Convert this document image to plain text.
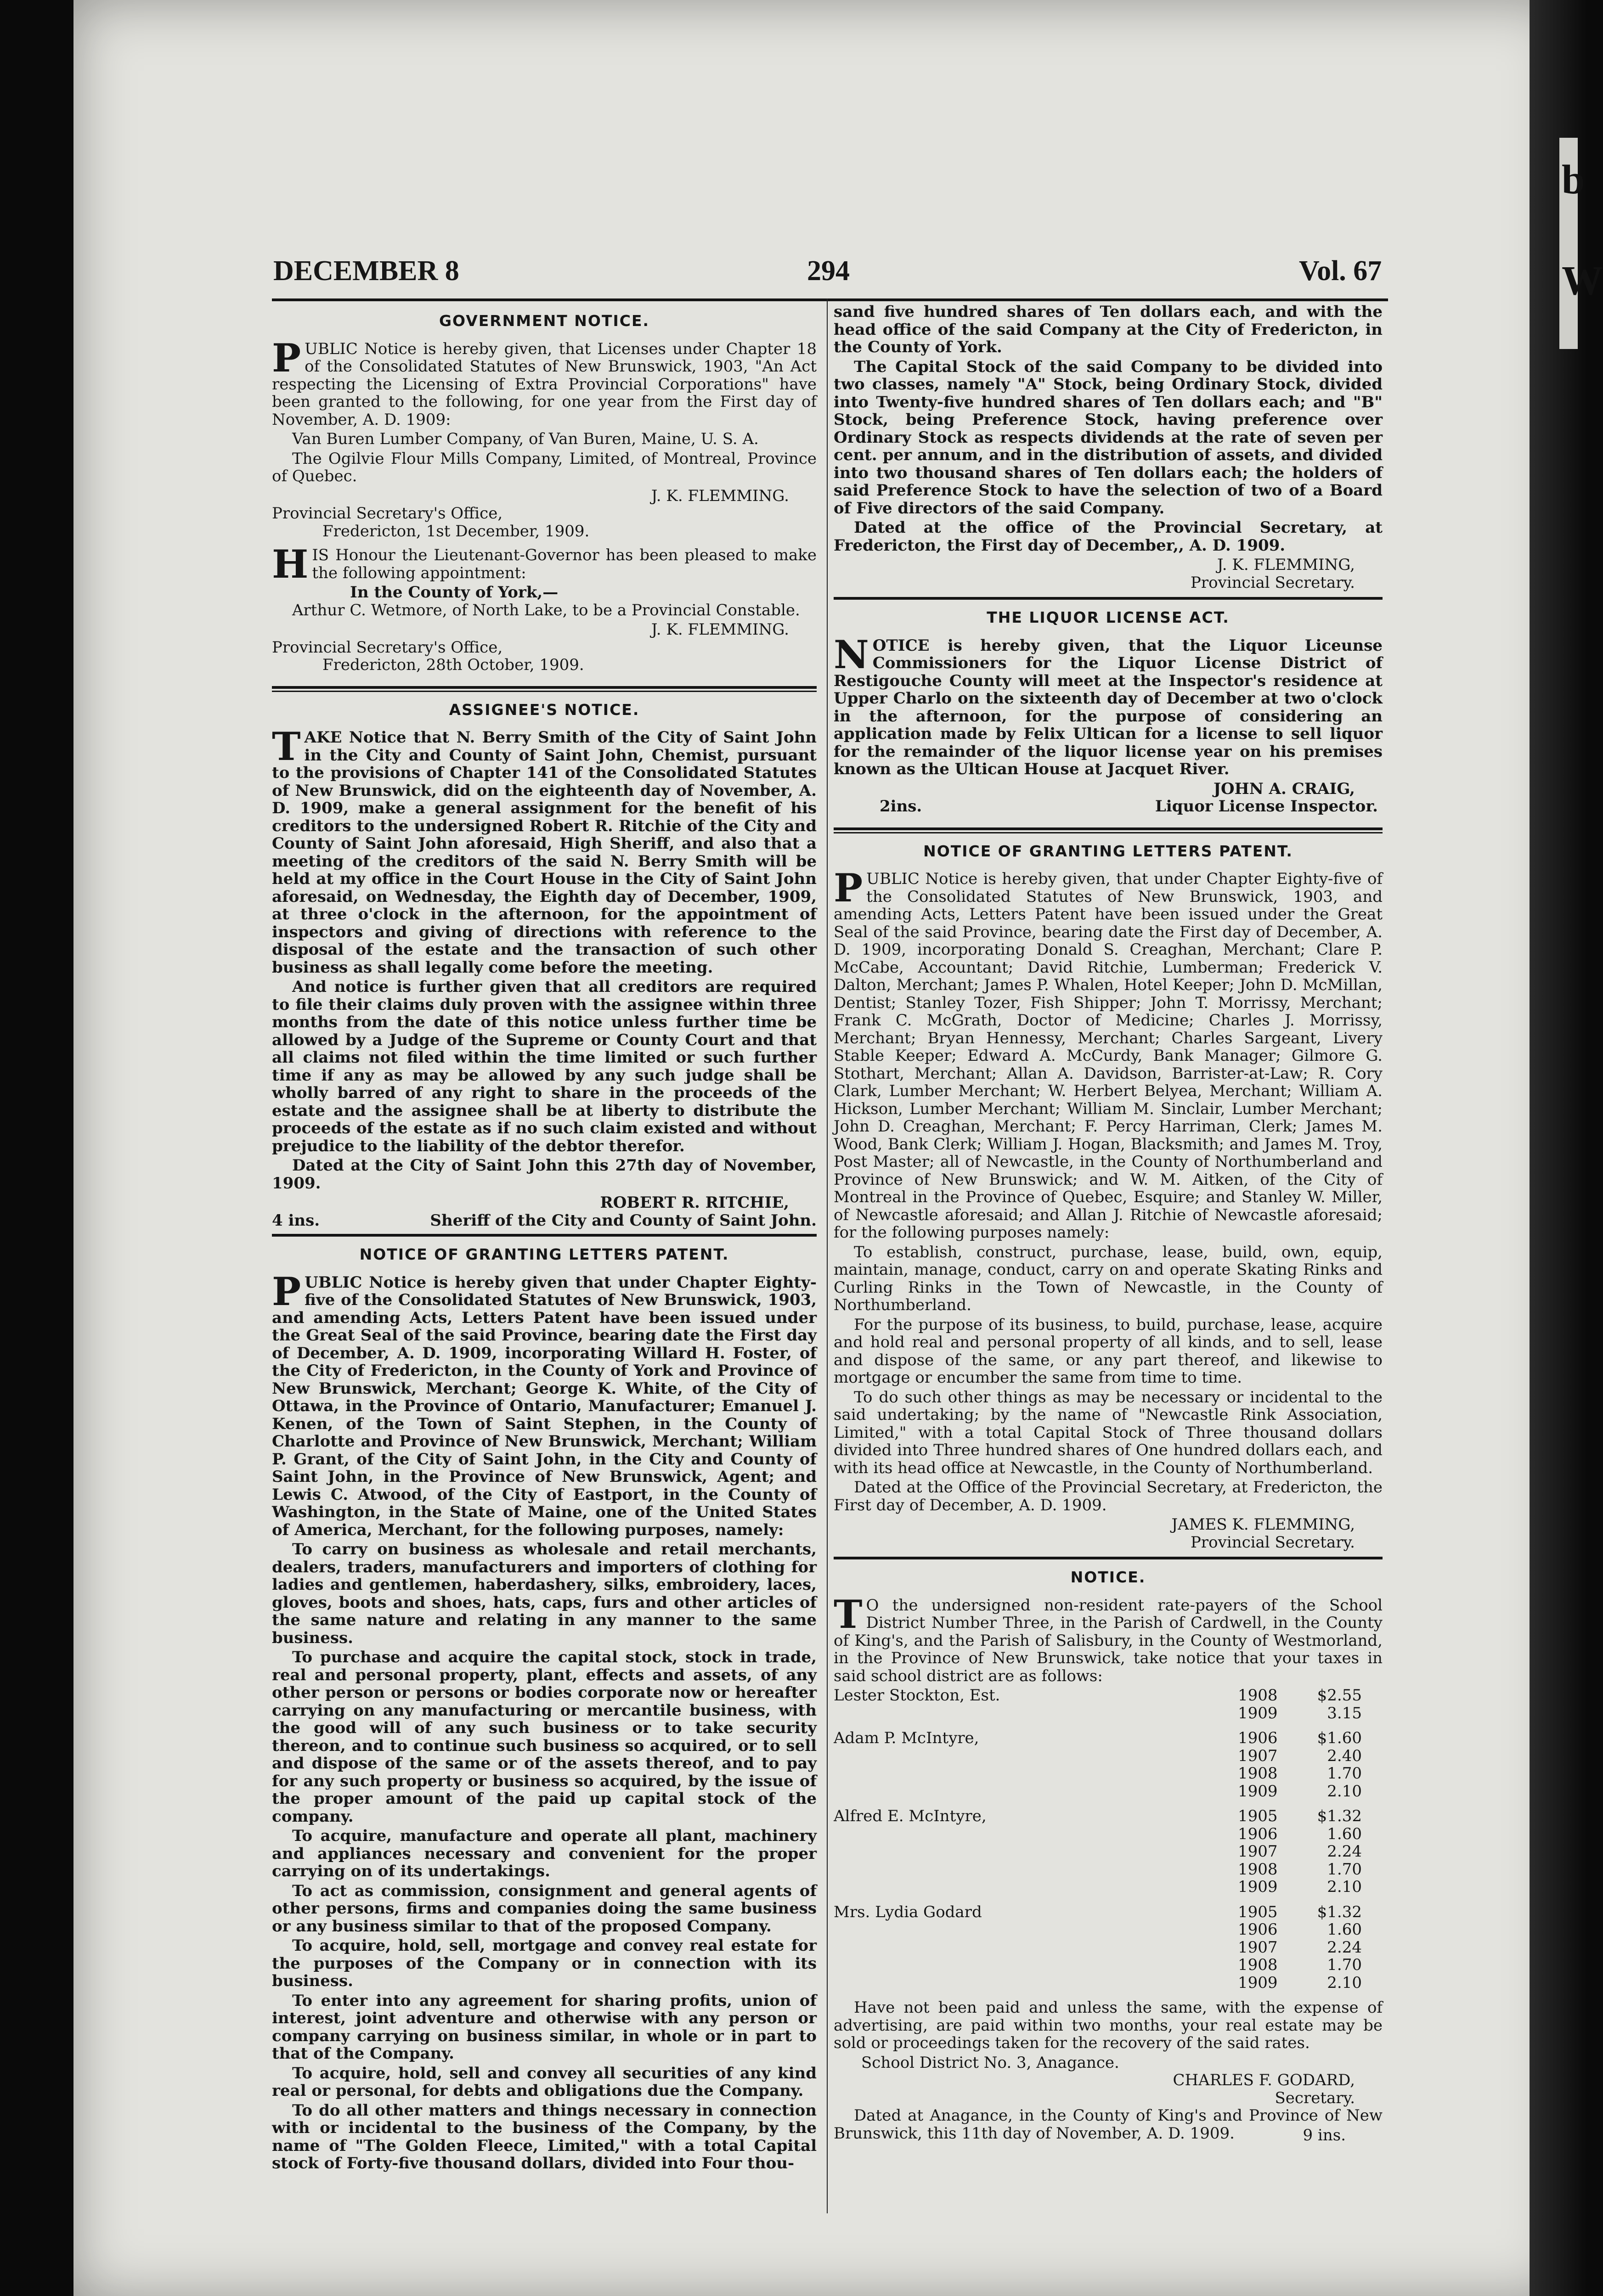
b
W
DECEMBER 8	294	Vol. 67
GOVERNMENT NOTICE.

PUBLIC Notice is hereby given, that Licenses under Chapter 18 of the Consolidated Statutes of New Brunswick, 1903, "An Act respecting the Licensing of Extra Provincial Corporations" have been granted to the following, for one year from the First day of November, A. D. 1909:

Van Buren Lumber Company, of Van Buren, Maine, U. S. A.

The Ogilvie Flour Mills Company, Limited, of Montreal, Province of Quebec.

J. K. FLEMMING.
Provincial Secretary's Office,
Fredericton, 1st December, 1909.

HIS Honour the Lieutenant-Governor has been pleased to make the following appointment:

In the County of York,—

Arthur C. Wetmore, of North Lake, to be a Provincial Constable.

J. K. FLEMMING.
Provincial Secretary's Office,
Fredericton, 28th October, 1909.
ASSIGNEE'S NOTICE.

TAKE Notice that N. Berry Smith of the City of Saint John in the City and County of Saint John, Chemist, pursuant to the provisions of Chapter 141 of the Consolidated Statutes of New Brunswick, did on the eighteenth day of November, A. D. 1909, make a general assignment for the benefit of his creditors to the undersigned Robert R. Ritchie of the City and County of Saint John aforesaid, High Sheriff, and also that a meeting of the creditors of the said N. Berry Smith will be held at my office in the Court House in the City of Saint John aforesaid, on Wednesday, the Eighth day of December, 1909, at three o'clock in the afternoon, for the appointment of inspectors and giving of directions with reference to the disposal of the estate and the transaction of such other business as shall legally come before the meeting.

And notice is further given that all creditors are required to file their claims duly proven with the assignee within three months from the date of this notice unless further time be allowed by a Judge of the Supreme or County Court and that all claims not filed within the time limited or such further time if any as may be allowed by any such judge shall be wholly barred of any right to share in the proceeds of the estate and the assignee shall be at liberty to distribute the proceeds of the estate as if no such claim existed and without prejudice to the liability of the debtor therefor.

Dated at the City of Saint John this 27th day of November, 1909.

ROBERT R. RITCHIE,
4 ins.	Sheriff of the City and County of Saint John.
NOTICE OF GRANTING LETTERS PATENT.

PUBLIC Notice is hereby given that under Chapter Eighty-five of the Consolidated Statutes of New Brunswick, 1903, and amending Acts, Letters Patent have been issued under the Great Seal of the said Province, bearing date the First day of December, A. D. 1909, incorporating Willard H. Foster, of the City of Fredericton, in the County of York and Province of New Brunswick, Merchant; George K. White, of the City of Ottawa, in the Province of Ontario, Manufacturer; Emanuel J. Kenen, of the Town of Saint Stephen, in the County of Charlotte and Province of New Brunswick, Merchant; William P. Grant, of the City of Saint John, in the City and County of Saint John, in the Province of New Brunswick, Agent; and Lewis C. Atwood, of the City of Eastport, in the County of Washington, in the State of Maine, one of the United States of America, Merchant, for the following purposes, namely:

To carry on business as wholesale and retail merchants, dealers, traders, manufacturers and importers of clothing for ladies and gentlemen, haberdashery, silks, embroidery, laces, gloves, boots and shoes, hats, caps, furs and other articles of the same nature and relating in any manner to the same business.

To purchase and acquire the capital stock, stock in trade, real and personal property, plant, effects and assets, of any other person or persons or bodies corporate now or hereafter carrying on any manufacturing or mercantile business, with the good will of any such business or to take security thereon, and to continue such business so acquired, or to sell and dispose of the same or of the assets thereof, and to pay for any such property or business so acquired, by the issue of the proper amount of the paid up capital stock of the company.

To acquire, manufacture and operate all plant, machinery and appliances necessary and convenient for the proper carrying on of its undertakings.

To act as commission, consignment and general agents of other persons, firms and companies doing the same business or any business similar to that of the proposed Company.

To acquire, hold, sell, mortgage and convey real estate for the purposes of the Company or in connection with its business.

To enter into any agreement for sharing profits, union of interest, joint adventure and otherwise with any person or company carrying on business similar, in whole or in part to that of the Company.

To acquire, hold, sell and convey all securities of any kind real or personal, for debts and obligations due the Company.

To do all other matters and things necessary in connection with or incidental to the business of the Company, by the name of "The Golden Fleece, Limited," with a total Capital stock of Forty-five thousand dollars, divided into Four thou-

sand five hundred shares of Ten dollars each, and with the head office of the said Company at the City of Fredericton, in the County of York.

The Capital Stock of the said Company to be divided into two classes, namely "A" Stock, being Ordinary Stock, divided into Twenty-five hundred shares of Ten dollars each; and "B" Stock, being Preference Stock, having preference over Ordinary Stock as respects dividends at the rate of seven per cent. per annum, and in the distribution of assets, and divided into two thousand shares of Ten dollars each; the holders of said Preference Stock to have the selection of two of a Board of Five directors of the said Company.

Dated at the office of the Provincial Secretary, at Fredericton, the First day of December,, A. D. 1909.

J. K. FLEMMING,
Provincial Secretary.
THE LIQUOR LICENSE ACT.

NOTICE is hereby given, that the Liquor Liceunse Commissioners for the Liquor License District of Restigouche County will meet at the Inspector's residence at Upper Charlo on the sixteenth day of December at two o'clock in the afternoon, for the purpose of considering an application made by Felix Ultican for a license to sell liquor for the remainder of the liquor license year on his premises known as the Ultican House at Jacquet River.

JOHN A. CRAIG,
2ins.	Liquor License Inspector.
NOTICE OF GRANTING LETTERS PATENT.

PUBLIC Notice is hereby given, that under Chapter Eighty-five of the Consolidated Statutes of New Brunswick, 1903, and amending Acts, Letters Patent have been issued under the Great Seal of the said Province, bearing date the First day of December, A. D. 1909, incorporating Donald S. Creaghan, Merchant; Clare P. McCabe, Accountant; David Ritchie, Lumberman; Frederick V. Dalton, Merchant; James P. Whalen, Hotel Keeper; John D. McMillan, Dentist; Stanley Tozer, Fish Shipper; John T. Morrissy, Merchant; Frank C. McGrath, Doctor of Medicine; Charles J. Morrissy, Merchant; Bryan Hennessy, Merchant; Charles Sargeant, Livery Stable Keeper; Edward A. McCurdy, Bank Manager; Gilmore G. Stothart, Merchant; Allan A. Davidson, Barrister-at-Law; R. Cory Clark, Lumber Merchant; W. Herbert Belyea, Merchant; William A. Hickson, Lumber Merchant; William M. Sinclair, Lumber Merchant; John D. Creaghan, Merchant; F. Percy Harriman, Clerk; James M. Wood, Bank Clerk; William J. Hogan, Blacksmith; and James M. Troy, Post Master; all of Newcastle, in the County of Northumberland and Province of New Brunswick; and W. M. Aitken, of the City of Montreal in the Province of Quebec, Esquire; and Stanley W. Miller, of Newcastle aforesaid; and Allan J. Ritchie of Newcastle aforesaid; for the following purposes namely:

To establish, construct, purchase, lease, build, own, equip, maintain, manage, conduct, carry on and operate Skating Rinks and Curling Rinks in the Town of Newcastle, in the County of Northumberland.

For the purpose of its business, to build, purchase, lease, acquire and hold real and personal property of all kinds, and to sell, lease and dispose of the same, or any part thereof, and likewise to mortgage or encumber the same from time to time.

To do such other things as may be necessary or incidental to the said undertaking; by the name of "Newcastle Rink Association, Limited," with a total Capital Stock of Three thousand dollars divided into Three hundred shares of One hundred dollars each, and with its head office at Newcastle, in the County of Northumberland.

Dated at the Office of the Provincial Secretary, at Fredericton, the First day of December, A. D. 1909.

JAMES K. FLEMMING,
Provincial Secretary.
NOTICE.

T O the undersigned non-resident rate-payers of the School District Number Three, in the Parish of Cardwell, in the County of King's, and the Parish of Salisbury, in the County of Westmorland, in the Province of New Brunswick, take notice that your taxes in said school district are as follows:

Lester Stockton, Est.	1908	$2.55
1909	3.15
Adam P. McIntyre,	1906	$1.60
1907	2.40
1908	1.70
1909	2.10
Alfred E. McIntyre,	1905	$1.32
1906	1.60
1907	2.24
1908	1.70
1909	2.10
Mrs. Lydia Godard	1905	$1.32
1906	1.60
1907	2.24
1908	1.70
1909	2.10

Have not been paid and unless the same, with the expense of advertising, are paid within two months, your real estate may be sold or proceedings taken for the recovery of the said rates.

School District No. 3, Anagance.
CHARLES F. GODARD,
Secretary.

Dated at Anagance, in the County of King's and Province of New Brunswick, this 11th day of November, A. D. 1909.	9 ins.
